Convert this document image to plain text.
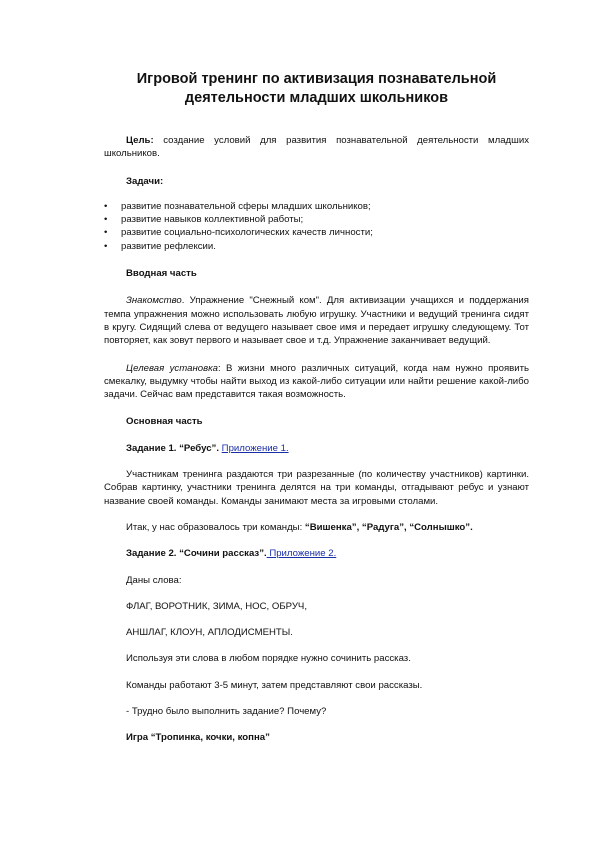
Игровой тренинг по активизация познавательной
деятельности младших школьников

Цель: создание условий для развития познавательной деятельности младших школьников.

Задачи:

• развитие познавательной сферы младших школьников;
• развитие навыков коллективной работы;
• развитие социально-психологических качеств личности;
• развитие рефлексии.

Вводная часть

Знакомство. Упражнение "Снежный ком". Для активизации учащихся и поддержания темпа упражнения можно использовать любую игрушку. Участники и ведущий тренинга сидят в кругу. Сидящий слева от ведущего называет свое имя и передает игрушку следующему. Тот повторяет, как зовут первого и называет свое и т.д. Упражнение заканчивает ведущий.

Целевая установка: В жизни много различных ситуаций, когда нам нужно проявить смекалку, выдумку чтобы найти выход из какой-либо ситуации или найти решение какой-либо задачи. Сейчас вам представится такая возможность.

Основная часть

Задание 1. “Ребус”. Приложение 1.

Участникам тренинга раздаются три разрезанные (по количеству участников) картинки. Собрав картинку, участники тренинга делятся на три команды, отгадывают ребус и узнают название своей команды. Команды занимают места за игровыми столами.

Итак, у нас образовалось три команды: “Вишенка”, “Радуга”, “Солнышко”.

Задание 2. “Сочини рассказ”. Приложение 2.

Даны слова:

ФЛАГ, ВОРОТНИК, ЗИМА, НОС, ОБРУЧ,

АНШЛАГ, КЛОУН, АПЛОДИСМЕНТЫ.

Используя эти слова в любом порядке нужно сочинить рассказ.

Команды работают 3-5 минут, затем представляют свои рассказы.

- Трудно было выполнить задание? Почему?

Игра “Тропинка, кочки, копна”
